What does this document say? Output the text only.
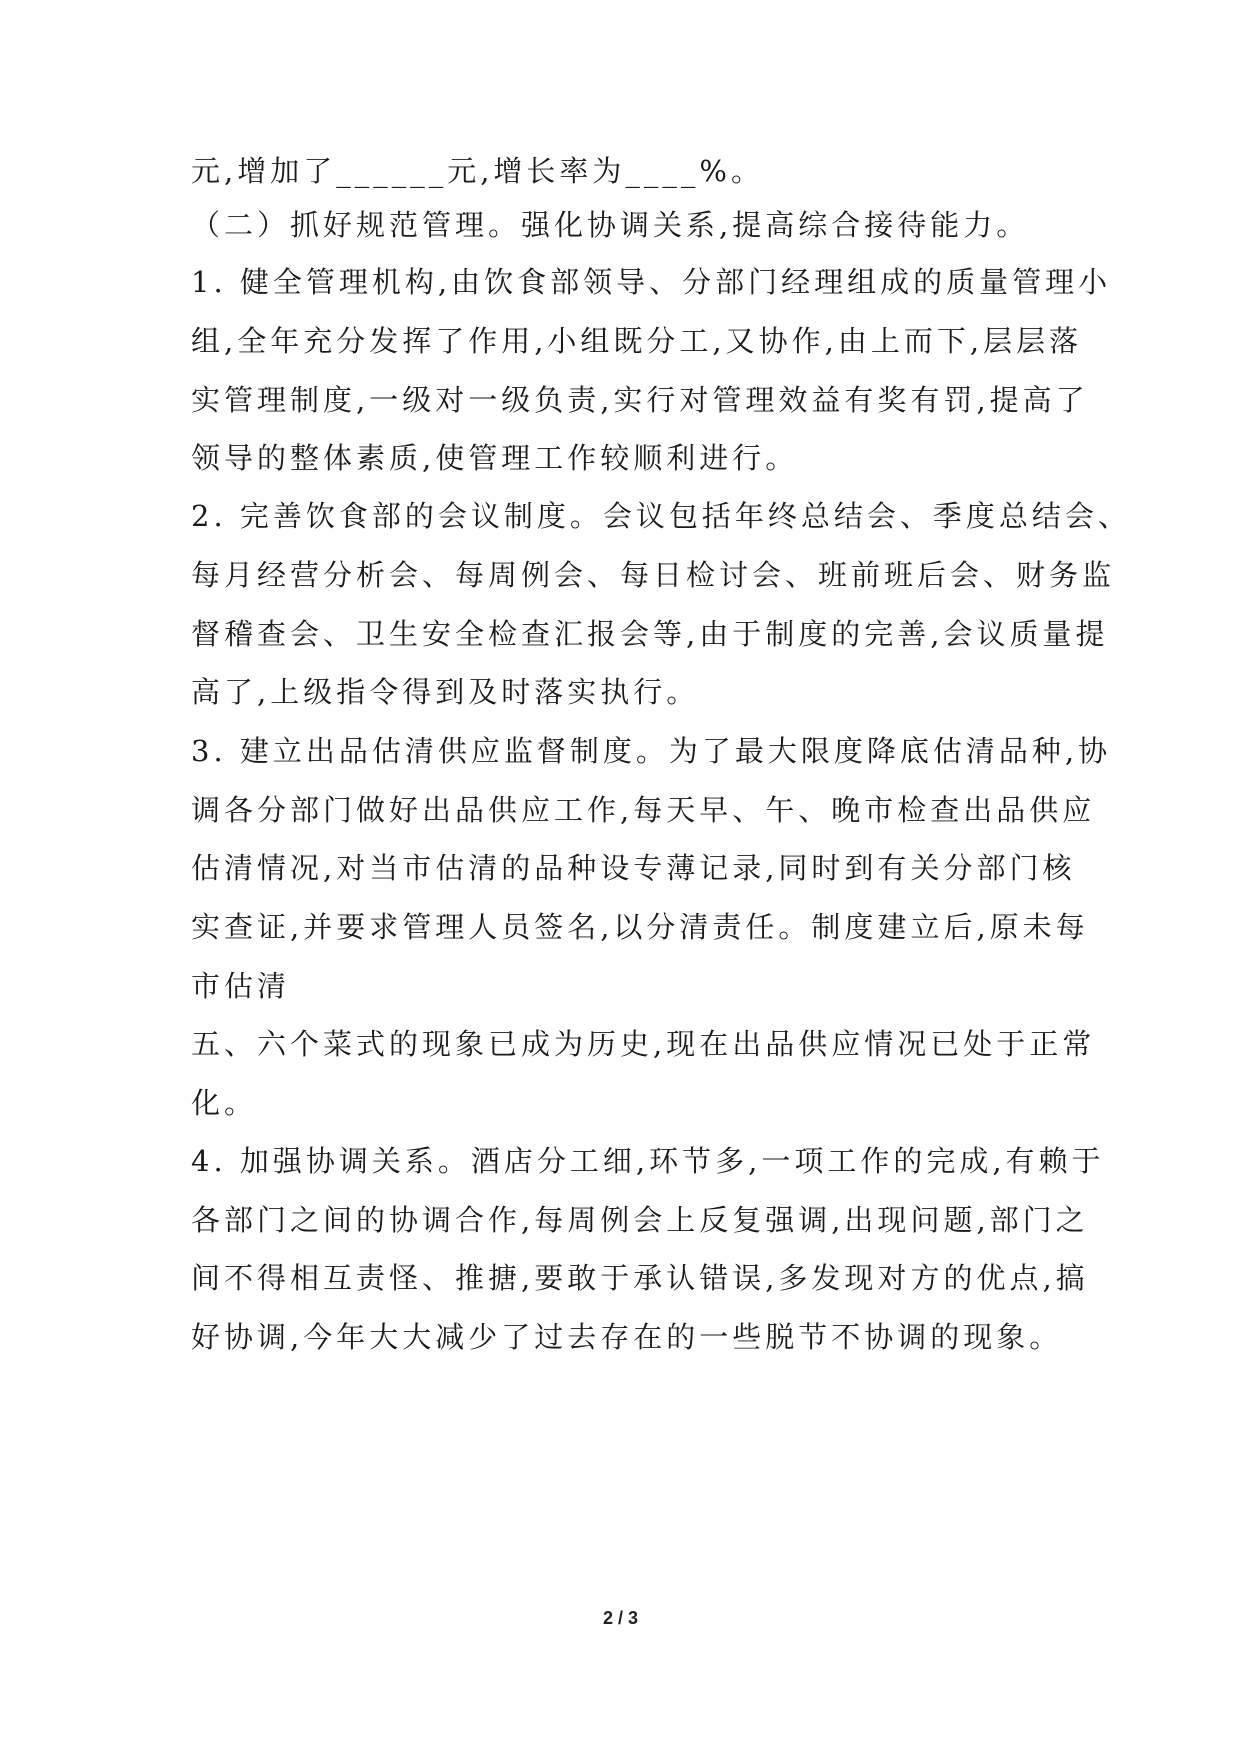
元,增加了______元,增长率为____%。
（二）抓好规范管理。强化协调关系,提高综合接待能力。
1. 健全管理机构,由饮食部领导、分部门经理组成的质量管理小
组,全年充分发挥了作用,小组既分工,又协作,由上而下,层层落
实管理制度,一级对一级负责,实行对管理效益有奖有罚,提高了
领导的整体素质,使管理工作较顺利进行。
2. 完善饮食部的会议制度。会议包括年终总结会、季度总结会、
每月经营分析会、每周例会、每日检讨会、班前班后会、财务监
督稽查会、卫生安全检查汇报会等,由于制度的完善,会议质量提
高了,上级指令得到及时落实执行。
3. 建立出品估清供应监督制度。为了最大限度降底估清品种,协
调各分部门做好出品供应工作,每天早、午、晚市检查出品供应
估清情况,对当市估清的品种设专薄记录,同时到有关分部门核
实查证,并要求管理人员签名,以分清责任。制度建立后,原未每
市估清
五、六个菜式的现象已成为历史,现在出品供应情况已处于正常
化。
4. 加强协调关系。酒店分工细,环节多,一项工作的完成,有赖于
各部门之间的协调合作,每周例会上反复强调,出现问题,部门之
间不得相互责怪、推搪,要敢于承认错误,多发现对方的优点,搞
好协调,今年大大减少了过去存在的一些脱节不协调的现象。
2 / 3
